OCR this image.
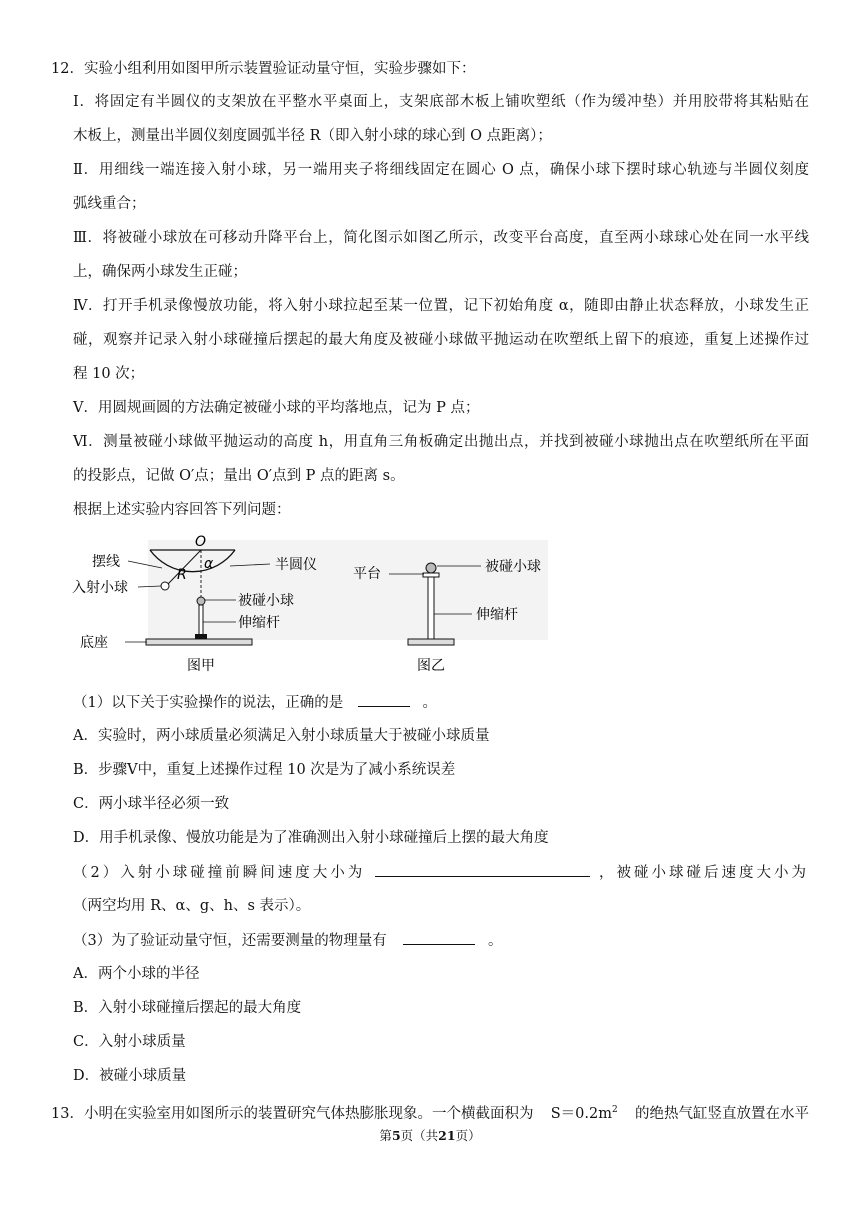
12．实验小组利用如图甲所示装置验证动量守恒，实验步骤如下：
Ⅰ．将固定有半圆仪的支架放在平整水平桌面上，支架底部木板上铺吹塑纸（作为缓冲垫）并用胶带将其粘贴在
木板上，测量出半圆仪刻度圆弧半径 R（即入射小球的球心到 O 点距离）；
Ⅱ．用细线一端连接入射小球，另一端用夹子将细线固定在圆心 O 点，确保小球下摆时球心轨迹与半圆仪刻度
弧线重合；
Ⅲ．将被碰小球放在可移动升降平台上，简化图示如图乙所示，改变平台高度，直至两小球球心处在同一水平线
上，确保两小球发生正碰；
Ⅳ．打开手机录像慢放功能，将入射小球拉起至某一位置，记下初始角度 α，随即由静止状态释放，小球发生正
碰，观察并记录入射小球碰撞后摆起的最大角度及被碰小球做平抛运动在吹塑纸上留下的痕迹，重复上述操作过
程 10 次；
Ⅴ．用圆规画圆的方法确定被碰小球的平均落地点，记为 P 点；
Ⅵ．测量被碰小球做平抛运动的高度 h，用直角三角板确定出抛出点，并找到被碰小球抛出点在吹塑纸所在平面
的投影点，记做 O′点；量出 O′点到 P 点的距离 s。
根据上述实验内容回答下列问题：
O
R
α
摆线
入射小球
半圆仪
被碰小球
伸缩杆
底座
图甲
平台	被碰小球
伸缩杆
图乙
（1）以下关于实验操作的说法，正确的是	。
A．实验时，两小球质量必须满足入射小球质量大于被碰小球质量
B．步骤Ⅴ中，重复上述操作过程 10 次是为了减小系统误差
C．两小球半径必须一致
D．用手机录像、慢放功能是为了准确测出入射小球碰撞后上摆的最大角度
（2）入射小球碰撞前瞬间速度大小为	，被碰小球碰后速度大小为
（两空均用 R、α、g、h、s 表示）。
（3）为了验证动量守恒，还需要测量的物理量有	。
A．两个小球的半径
B．入射小球碰撞后摆起的最大角度
C．入射小球质量
D．被碰小球质量
13．小明在实验室用如图所示的装置研究气体热膨胀现象。一个横截面积为 $S=0.2m^2$ 的绝热气缸竖直放置在水平
第5页（共21页）
